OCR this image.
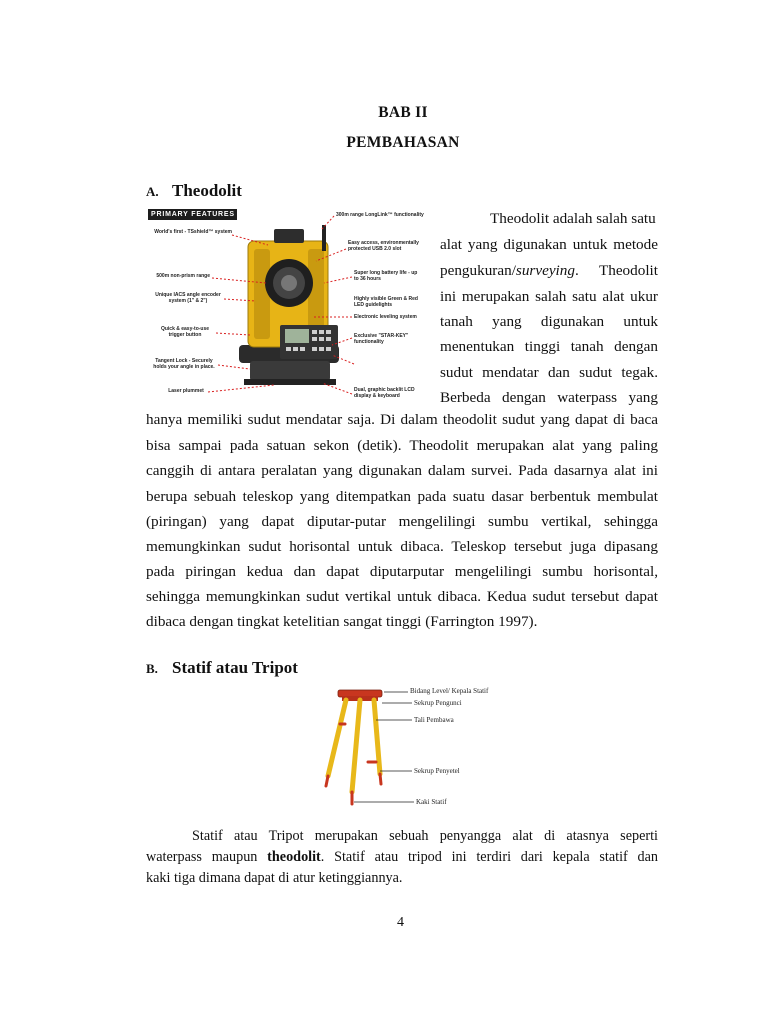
BAB II
PEMBAHASAN
A. Theodolit
PRIMARY FEATURES
World's first - TSshield™ system
500m non-prism range
Unique IACS angle encoder system (1" & 2")
Quick & easy-to-use trigger button
Tangent Lock - Securely holds your angle in place.
Laser plummet
300m range LongLink™ functionality
Easy access, environmentally protected USB 2.0 slot
Super long battery life - up to 36 hours
Highly visible Green & Red LED guidelights
Electronic leveling system
Exclusive "STAR-KEY" functionality
Dual, graphic backlit LCD display & keyboard
Theodolit adalah salah satu
alat yang digunakan untuk metode
pengukuran/surveying. Theodolit
ini merupakan salah satu alat ukur
tanah yang digunakan untuk
menentukan tinggi tanah dengan
sudut mendatar dan sudut tegak.
Berbeda dengan waterpass yang
hanya memiliki sudut mendatar saja. Di dalam theodolit sudut yang dapat di baca
bisa sampai pada satuan sekon (detik). Theodolit merupakan alat yang paling
canggih di antara peralatan yang digunakan dalam survei. Pada dasarnya alat ini
berupa sebuah teleskop yang ditempatkan pada suatu dasar berbentuk membulat
(piringan) yang dapat diputar-putar mengelilingi sumbu vertikal, sehingga
memungkinkan sudut horisontal untuk dibaca. Teleskop tersebut juga dipasang
pada piringan kedua dan dapat diputarputar mengelilingi sumbu horisontal,
sehingga memungkinkan sudut vertikal untuk dibaca. Kedua sudut tersebut dapat
dibaca dengan tingkat ketelitian sangat tinggi (Farrington 1997).
B. Statif atau Tripot
Bidang Level/ Kepala Statif
Sekrup Pengunci
Tali Pembawa
Sekrup Penyetel
Kaki Statif
Statif atau Tripot merupakan sebuah penyangga alat di atasnya seperti
waterpass maupun theodolit. Statif atau tripod ini terdiri dari kepala statif dan
kaki tiga dimana dapat di atur ketinggiannya.
4
